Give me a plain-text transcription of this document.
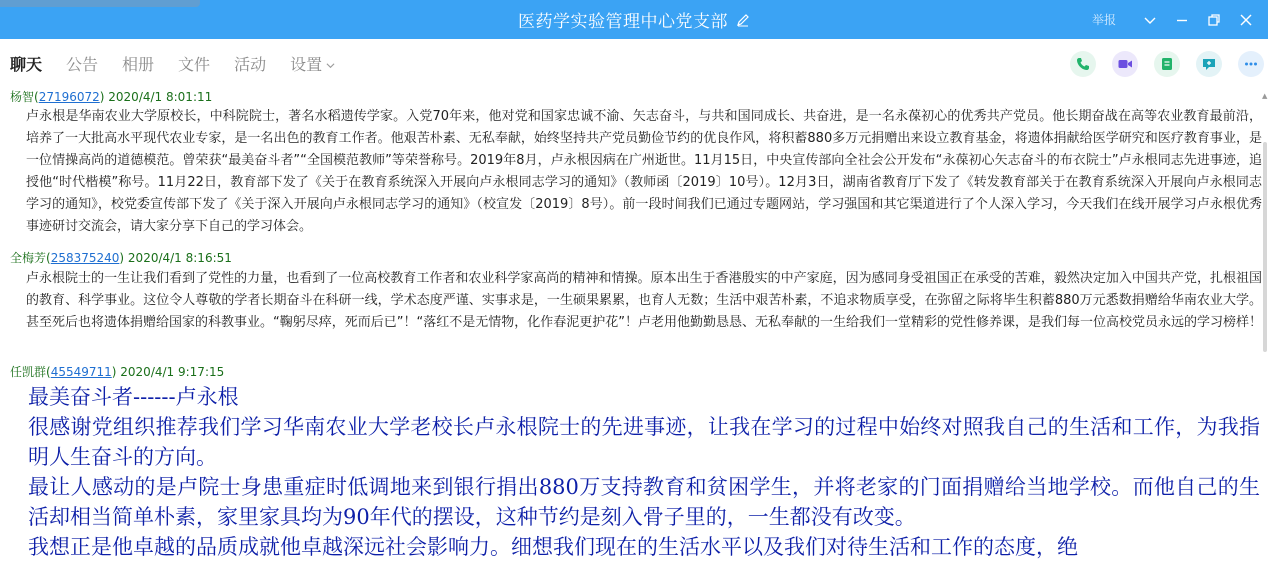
医药学实验管理中心党支部	举报
聊天 公告 相册 文件 活动 设置
杨智(27196072) 2020/4/1 8:01:11
卢永根是华南农业大学原校长，中科院院士，著名水稻遗传学家。入党70年来，他对党和国家忠诚不渝、矢志奋斗，与共和国同成长、共奋进，是一名永葆初心的优秀共产党员。他长期奋战在高等农业教育最前沿，培养了一大批高水平现代农业专家，是一名出色的教育工作者。他艰苦朴素、无私奉献，始终坚持共产党员勤俭节约的优良作风，将积蓄880多万元捐赠出来设立教育基金，将遗体捐献给医学研究和医疗教育事业，是一位情操高尚的道德模范。曾荣获“最美奋斗者”“全国模范教师”等荣誉称号。2019年8月，卢永根因病在广州逝世。11月15日，中央宣传部向全社会公开发布“永葆初心矢志奋斗的布衣院士”卢永根同志先进事迹，追授他“时代楷模”称号。11月22日，教育部下发了《关于在教育系统深入开展向卢永根同志学习的通知》（教师函〔2019〕10号）。12月3日，湖南省教育厅下发了《转发教育部关于在教育系统深入开展向卢永根同志学习的通知》，校党委宣传部下发了《关于深入开展向卢永根同志学习的通知》（校宣发〔2019〕8号）。前一段时间我们已通过专题网站，学习强国和其它渠道进行了个人深入学习，今天我们在线开展学习卢永根优秀事迹研讨交流会，请大家分享下自己的学习体会。
全梅芳(258375240) 2020/4/1 8:16:51
卢永根院士的一生让我们看到了党性的力量，也看到了一位高校教育工作者和农业科学家高尚的精神和情操。原本出生于香港殷实的中产家庭，因为感同身受祖国正在承受的苦难，毅然决定加入中国共产党，扎根祖国的教育、科学事业。这位令人尊敬的学者长期奋斗在科研一线，学术态度严谨、实事求是，一生硕果累累，也育人无数；生活中艰苦朴素，不追求物质享受，在弥留之际将毕生积蓄880万元悉数捐赠给华南农业大学。甚至死后也将遗体捐赠给国家的科教事业。“鞠躬尽瘁，死而后已”！“落红不是无情物，化作春泥更护花”！卢老用他勤勤恳恳、无私奉献的一生给我们一堂精彩的党性修养课，是我们每一位高校党员永远的学习榜样！
任凯群(45549711) 2020/4/1 9:17:15

最美奋斗者------卢永根

很感谢党组织推荐我们学习华南农业大学老校长卢永根院士的先进事迹，让我在学习的过程中始终对照我自己的生活和工作，为我指明人生奋斗的方向。

最让人感动的是卢院士身患重症时低调地来到银行捐出880万支持教育和贫困学生，并将老家的门面捐赠给当地学校。而他自己的生活却相当简单朴素，家里家具均为90年代的摆设，这种节约是刻入骨子里的，一生都没有改变。

我想正是他卓越的品质成就他卓越深远社会影响力。细想我们现在的生活水平以及我们对待生活和工作的态度，绝

▲
